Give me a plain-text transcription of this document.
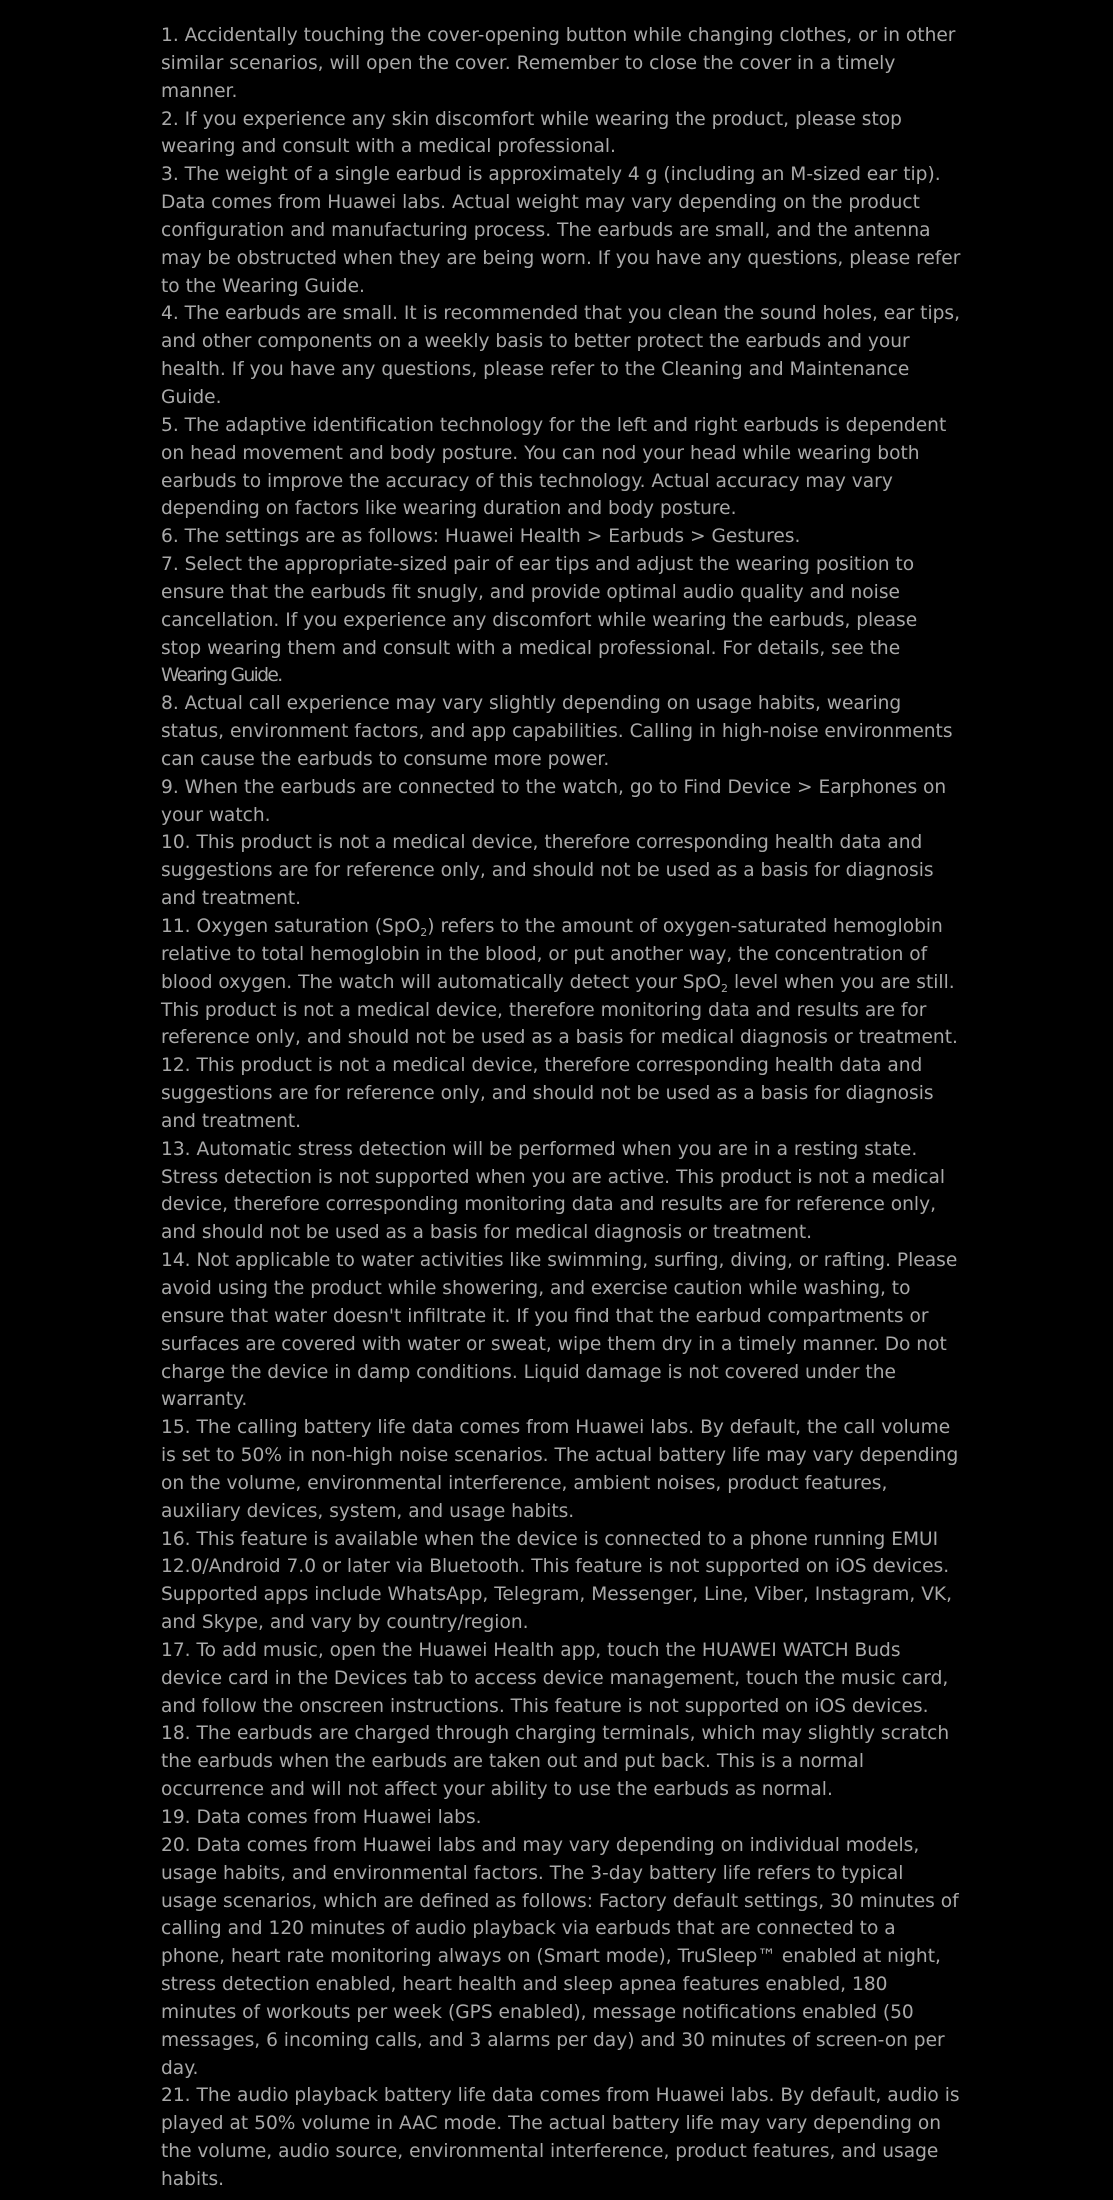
1. Accidentally touching the cover-opening button while changing clothes, or in other similar scenarios, will open the cover. Remember to close the cover in a timely manner.

2. If you experience any skin discomfort while wearing the product, please stop wearing and consult with a medical professional.

3. The weight of a single earbud is approximately 4 g (including an M-sized ear tip). Data comes from Huawei labs. Actual weight may vary depending on the product configuration and manufacturing process. The earbuds are small, and the antenna may be obstructed when they are being worn. If you have any questions, please refer to the Wearing Guide.

4. The earbuds are small. It is recommended that you clean the sound holes, ear tips, and other components on a weekly basis to better protect the earbuds and your health. If you have any questions, please refer to the Cleaning and Maintenance Guide.

5. The adaptive identification technology for the left and right earbuds is dependent on head movement and body posture. You can nod your head while wearing both earbuds to improve the accuracy of this technology. Actual accuracy may vary depending on factors like wearing duration and body posture.

6. The settings are as follows: Huawei Health > Earbuds > Gestures.

7. Select the appropriate-sized pair of ear tips and adjust the wearing position to ensure that the earbuds fit snugly, and provide optimal audio quality and noise cancellation. If you experience any discomfort while wearing the earbuds, please stop wearing them and consult with a medical professional. For details, see the Wearing Guide.

8. Actual call experience may vary slightly depending on usage habits, wearing status, environment factors, and app capabilities. Calling in high-noise environments can cause the earbuds to consume more power.

9. When the earbuds are connected to the watch, go to Find Device > Earphones on your watch.

10. This product is not a medical device, therefore corresponding health data and suggestions are for reference only, and should not be used as a basis for diagnosis and treatment.

11. Oxygen saturation (SpO$_2$) refers to the amount of oxygen-saturated hemoglobin relative to total hemoglobin in the blood, or put another way, the concentration of blood oxygen. The watch will automatically detect your SpO$_2$ level when you are still. This product is not a medical device, therefore monitoring data and results are for reference only, and should not be used as a basis for medical diagnosis or treatment.

12. This product is not a medical device, therefore corresponding health data and suggestions are for reference only, and should not be used as a basis for diagnosis and treatment.

13. Automatic stress detection will be performed when you are in a resting state. Stress detection is not supported when you are active. This product is not a medical device, therefore corresponding monitoring data and results are for reference only, and should not be used as a basis for medical diagnosis or treatment.

14. Not applicable to water activities like swimming, surfing, diving, or rafting. Please avoid using the product while showering, and exercise caution while washing, to ensure that water doesn't infiltrate it. If you find that the earbud compartments or surfaces are covered with water or sweat, wipe them dry in a timely manner. Do not charge the device in damp conditions. Liquid damage is not covered under the warranty.

15. The calling battery life data comes from Huawei labs. By default, the call volume is set to 50% in non-high noise scenarios. The actual battery life may vary depending on the volume, environmental interference, ambient noises, product features, auxiliary devices, system, and usage habits.

16. This feature is available when the device is connected to a phone running EMUI 12.0/Android 7.0 or later via Bluetooth. This feature is not supported on iOS devices. Supported apps include WhatsApp, Telegram, Messenger, Line, Viber, Instagram, VK, and Skype, and vary by country/region.

17. To add music, open the Huawei Health app, touch the HUAWEI WATCH Buds device card in the Devices tab to access device management, touch the music card, and follow the onscreen instructions. This feature is not supported on iOS devices.

18. The earbuds are charged through charging terminals, which may slightly scratch the earbuds when the earbuds are taken out and put back. This is a normal occurrence and will not affect your ability to use the earbuds as normal.

19. Data comes from Huawei labs.

20. Data comes from Huawei labs and may vary depending on individual models, usage habits, and environmental factors. The 3-day battery life refers to typical usage scenarios, which are defined as follows: Factory default settings, 30 minutes of calling and 120 minutes of audio playback via earbuds that are connected to a phone, heart rate monitoring always on (Smart mode), TruSleep™ enabled at night, stress detection enabled, heart health and sleep apnea features enabled, 180 minutes of workouts per week (GPS enabled), message notifications enabled (50 messages, 6 incoming calls, and 3 alarms per day) and 30 minutes of screen-on per day.

21. The audio playback battery life data comes from Huawei labs. By default, audio is played at 50% volume in AAC mode. The actual battery life may vary depending on the volume, audio source, environmental interference, product features, and usage habits.
